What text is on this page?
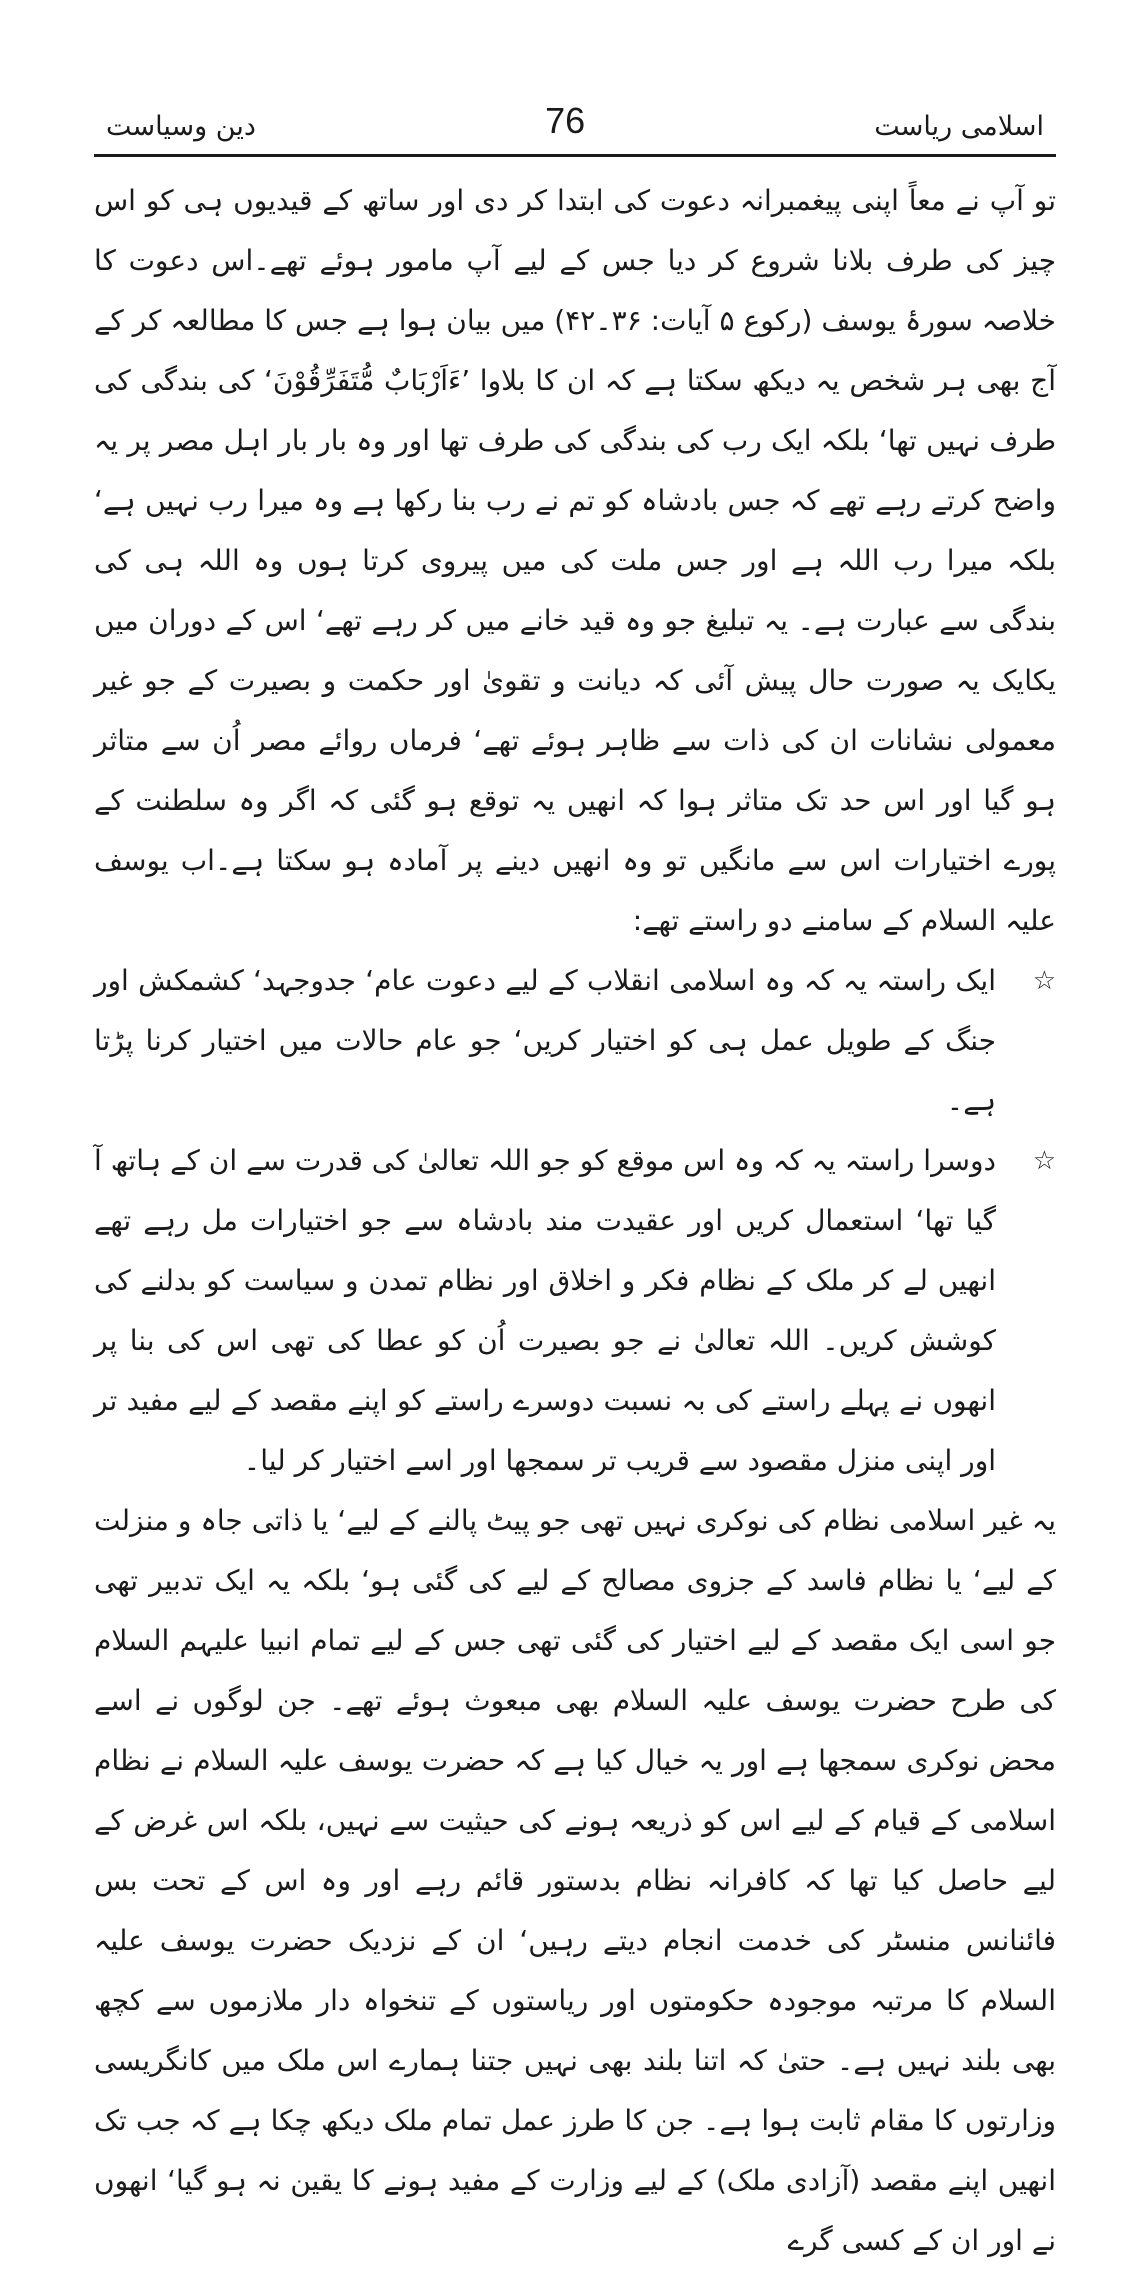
اسلامی ریاست
76
دین وسیاست

تو آپ نے معاً اپنی پیغمبرانہ دعوت کی ابتدا کر دی اور ساتھ کے قیدیوں ہی کو اس چیز کی طرف بلانا شروع کر دیا جس کے لیے آپ مامور ہوئے تھے۔اس دعوت کا خلاصہ سورۂ یوسف (رکوع ۵ آیات: ۳۶۔۴۲) میں بیان ہوا ہے جس کا مطالعہ کر کے آج بھی ہر شخص یہ دیکھ سکتا ہے کہ ان کا بلاوا ’ءَاَرْبَابٌ مُّتَفَرِّقُوْنَ‘ کی بندگی کی طرف نہیں تھا‘ بلکہ ایک رب کی بندگی کی طرف تھا اور وہ بار بار اہل مصر پر یہ واضح کرتے رہے تھے کہ جس بادشاہ کو تم نے رب بنا رکھا ہے وہ میرا رب نہیں ہے‘ بلکہ میرا رب اللہ ہے اور جس ملت کی میں پیروی کرتا ہوں وہ اللہ ہی کی بندگی سے عبارت ہے۔ یہ تبلیغ جو وہ قید خانے میں کر رہے تھے‘ اس کے دوران میں یکایک یہ صورت حال پیش آئی کہ دیانت و تقویٰ اور حکمت و بصیرت کے جو غیر معمولی نشانات ان کی ذات سے ظاہر ہوئے تھے‘ فرماں روائے مصر اُن سے متاثر ہو گیا اور اس حد تک متاثر ہوا کہ انھیں یہ توقع ہو گئی کہ اگر وہ سلطنت کے پورے اختیارات اس سے مانگیں تو وہ انھیں دینے پر آمادہ ہو سکتا ہے۔اب یوسف علیہ السلام کے سامنے دو راستے تھے:

☆
ایک راستہ یہ کہ وہ اسلامی انقلاب کے لیے دعوت عام‘ جدوجہد‘ کشمکش اور جنگ کے طویل عمل ہی کو اختیار کریں‘ جو عام حالات میں اختیار کرنا پڑتا ہے۔
☆
دوسرا راستہ یہ کہ وہ اس موقع کو جو اللہ تعالیٰ کی قدرت سے ان کے ہاتھ آ گیا تھا‘ استعمال کریں اور عقیدت مند بادشاہ سے جو اختیارات مل رہے تھے انھیں لے کر ملک کے نظام فکر و اخلاق اور نظام تمدن و سیاست کو بدلنے کی کوشش کریں۔ اللہ تعالیٰ نے جو بصیرت اُن کو عطا کی تھی اس کی بنا پر انھوں نے پہلے راستے کی بہ نسبت دوسرے راستے کو اپنے مقصد کے لیے مفید تر اور اپنی منزل مقصود سے قریب تر سمجھا اور اسے اختیار کر لیا۔

یہ غیر اسلامی نظام کی نوکری نہیں تھی جو پیٹ پالنے کے لیے‘ یا ذاتی جاہ و منزلت کے لیے‘ یا نظام فاسد کے جزوی مصالح کے لیے کی گئی ہو‘ بلکہ یہ ایک تدبیر تھی جو اسی ایک مقصد کے لیے اختیار کی گئی تھی جس کے لیے تمام انبیا علیہم السلام کی طرح حضرت یوسف علیہ السلام بھی مبعوث ہوئے تھے۔ جن لوگوں نے اسے محض نوکری سمجھا ہے اور یہ خیال کیا ہے کہ حضرت یوسف علیہ السلام نے نظام اسلامی کے قیام کے لیے اس کو ذریعہ ہونے کی حیثیت سے نہیں، بلکہ اس غرض کے لیے حاصل کیا تھا کہ کافرانہ نظام بدستور قائم رہے اور وہ اس کے تحت بس فائنانس منسٹر کی خدمت انجام دیتے رہیں‘ ان کے نزدیک حضرت یوسف علیہ السلام کا مرتبہ موجودہ حکومتوں اور ریاستوں کے تنخواہ دار ملازموں سے کچھ بھی بلند نہیں ہے۔ حتیٰ کہ اتنا بلند بھی نہیں جتنا ہمارے اس ملک میں کانگریسی وزارتوں کا مقام ثابت ہوا ہے۔ جن کا طرز عمل تمام ملک دیکھ چکا ہے کہ جب تک انھیں اپنے مقصد (آزادی ملک) کے لیے وزارت کے مفید ہونے کا یقین نہ ہو گیا‘ انھوں نے اور ان کے کسی گرے
